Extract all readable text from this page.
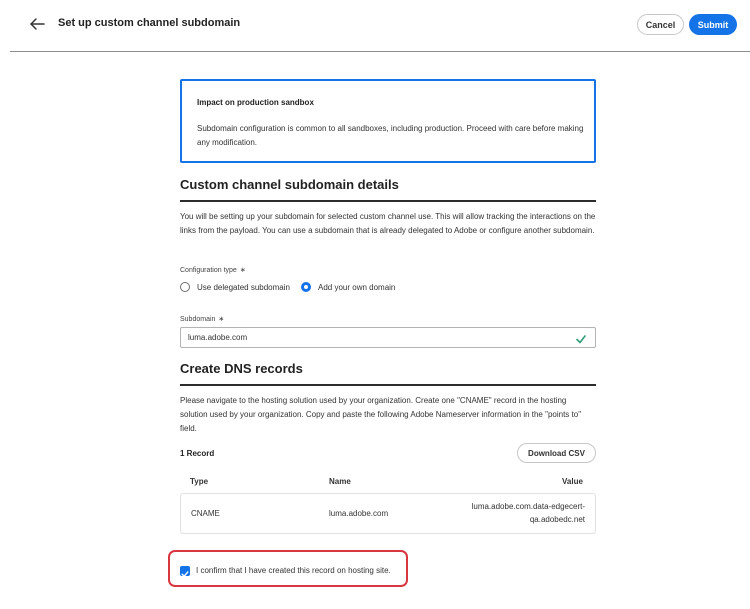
Set up custom channel subdomain	Cancel	Submit
Impact on production sandbox
Subdomain configuration is common to all sandboxes, including production. Proceed with care before making any modification.
Custom channel subdomain details
You will be setting up your subdomain for selected custom channel use. This will allow tracking the interactions on the links from the payload. You can use a subdomain that is already delegated to Adobe or configure another subdomain.
Configuration type ∗
Use delegated subdomain	Add your own domain
Subdomain ∗
luma.adobe.com
Create DNS records
Please navigate to the hosting solution used by your organization. Create one "CNAME" record in the hosting solution used by your organization. Copy and paste the following Adobe Nameserver information in the "points to" field.
1 Record	Download CSV
Type	Name	Value
CNAME	luma.adobe.com
luma.adobe.com.data-edgecert-
qa.adobedc.net
I confirm that I have created this record on hosting site.
